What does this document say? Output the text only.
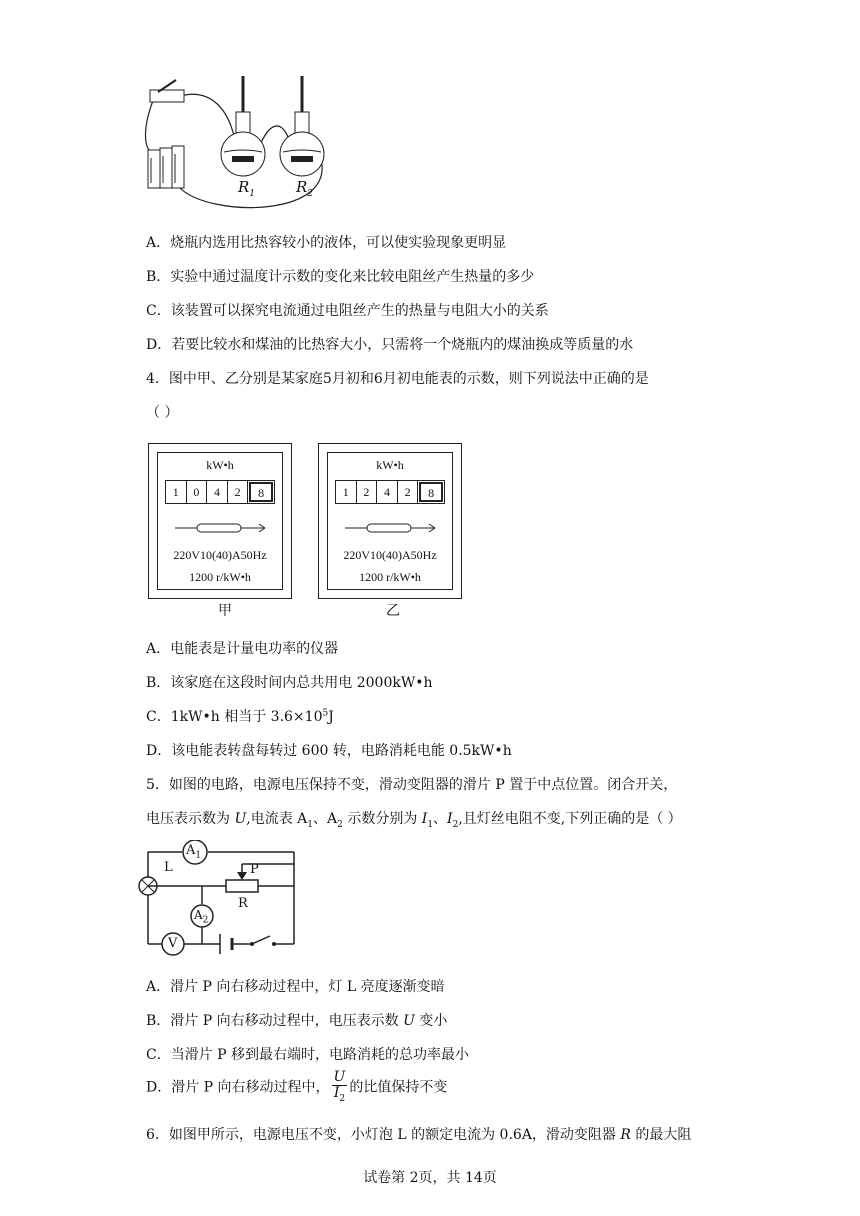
$R_1$	$R_2$
A．烧瓶内选用比热容较小的液体，可以使实验现象更明显
B．实验中通过温度计示数的变化来比较电阻丝产生热量的多少
C．该装置可以探究电流通过电阻丝产生的热量与电阻大小的关系
D．若要比较水和煤油的比热容大小，只需将一个烧瓶内的煤油换成等质量的水
4．图中甲、乙分别是某家庭5月初和6月初电能表的示数，则下列说法中正确的是
（ ）
kW•h
1	0	4	2	8
220V10(40)A50Hz
1200 r/kW•h
甲
kW•h
1	2	4	2	8
220V10(40)A50Hz
1200 r/kW•h
乙
A．电能表是计量电功率的仪器
B．该家庭在这段时间内总共用电 2000kW•h
C．1kW•h 相当于 $3.6\times 10^5J$
D．该电能表转盘每转过 600 转，电路消耗电能 0.5kW•h
5．如图的电路，电源电压保持不变，滑动变阻器的滑片 P 置于中点位置。闭合开关，
电压表示数为 U,电流表 $A_1$、$A_2$ 示数分别为 $I_1$、$I_2$,且灯丝电阻不变,下列正确的是（ ）
$A_1$
L	P
R
$A_2$
V
A．滑片 P 向右移动过程中，灯 L 亮度逐渐变暗
B．滑片 P 向右移动过程中，电压表示数 U 变小
C．当滑片 P 移到最右端时，电路消耗的总功率最小
D．滑片 P 向右移动过程中， $\frac{U}{I_2}$ 的比值保持不变
6．如图甲所示，电源电压不变，小灯泡 L 的额定电流为 0.6A，滑动变阻器 R 的最大阻
试卷第 2页，共 14页
